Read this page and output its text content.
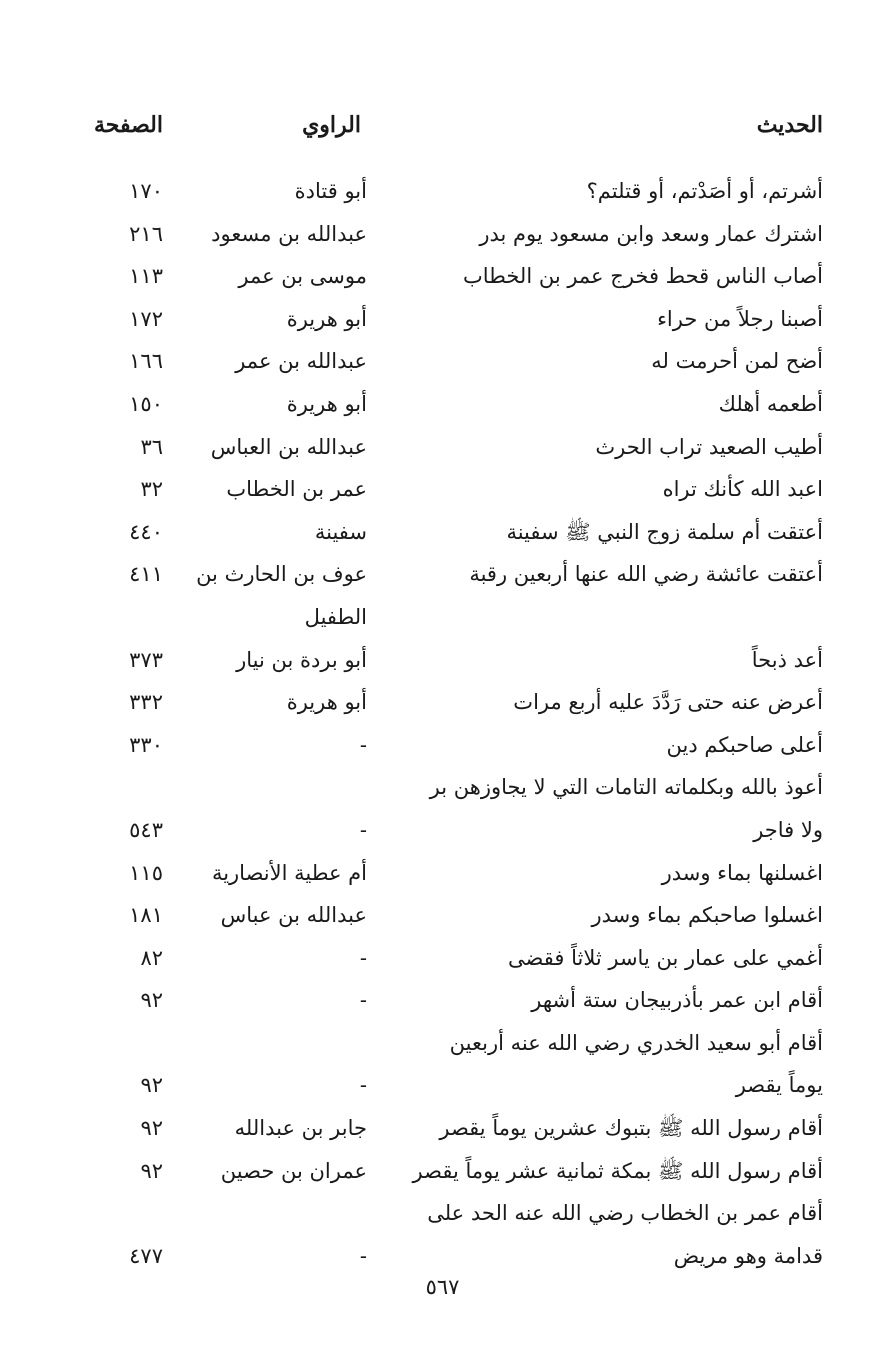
الحديث
الراوي
الصفحة
أشرتم، أو أصَدْتم، أو قتلتم؟
أبو قتادة
١٧٠
اشترك عمار وسعد وابن مسعود يوم بدر
عبدالله بن مسعود
٢١٦
أصاب الناس قحط فخرج عمر بن الخطاب
موسى بن عمر
١١٣
أصبنا رجلاً من حراء
أبو هريرة
١٧٢
أضح لمن أحرمت له
عبدالله بن عمر
١٦٦
أطعمه أهلك
أبو هريرة
١٥٠
أطيب الصعيد تراب الحرث
عبدالله بن العباس
٣٦
اعبد الله كأنك تراه
عمر بن الخطاب
٣٢
أعتقت أم سلمة زوج النبي ﷺ سفينة
سفينة
٤٤٠
أعتقت عائشة رضي الله عنها أربعين رقبة
عوف بن الحارث بن
٤١١
الطفيل
أعد ذبحاً
أبو بردة بن نيار
٣٧٣
أعرض عنه حتى رَدَّدَ عليه أربع مرات
أبو هريرة
٣٣٢
أعلى صاحبكم دين
-
٣٣٠
أعوذ بالله وبكلماته التامات التي لا يجاوزهن بر
ولا فاجر
-
٥٤٣
اغسلنها بماء وسدر
أم عطية الأنصارية
١١٥
اغسلوا صاحبكم بماء وسدر
عبدالله بن عباس
١٨١
أغمي على عمار بن ياسر ثلاثاً فقضى
-
٨٢
أقام ابن عمر بأذربيجان ستة أشهر
-
٩٢
أقام أبو سعيد الخدري رضي الله عنه أربعين
يوماً يقصر
-
٩٢
أقام رسول الله ﷺ بتبوك عشرين يوماً يقصر
جابر بن عبدالله
٩٢
أقام رسول الله ﷺ بمكة ثمانية عشر يوماً يقصر
عمران بن حصين
٩٢
أقام عمر بن الخطاب رضي الله عنه الحد على
قدامة وهو مريض
-
٤٧٧
٥٦٧
